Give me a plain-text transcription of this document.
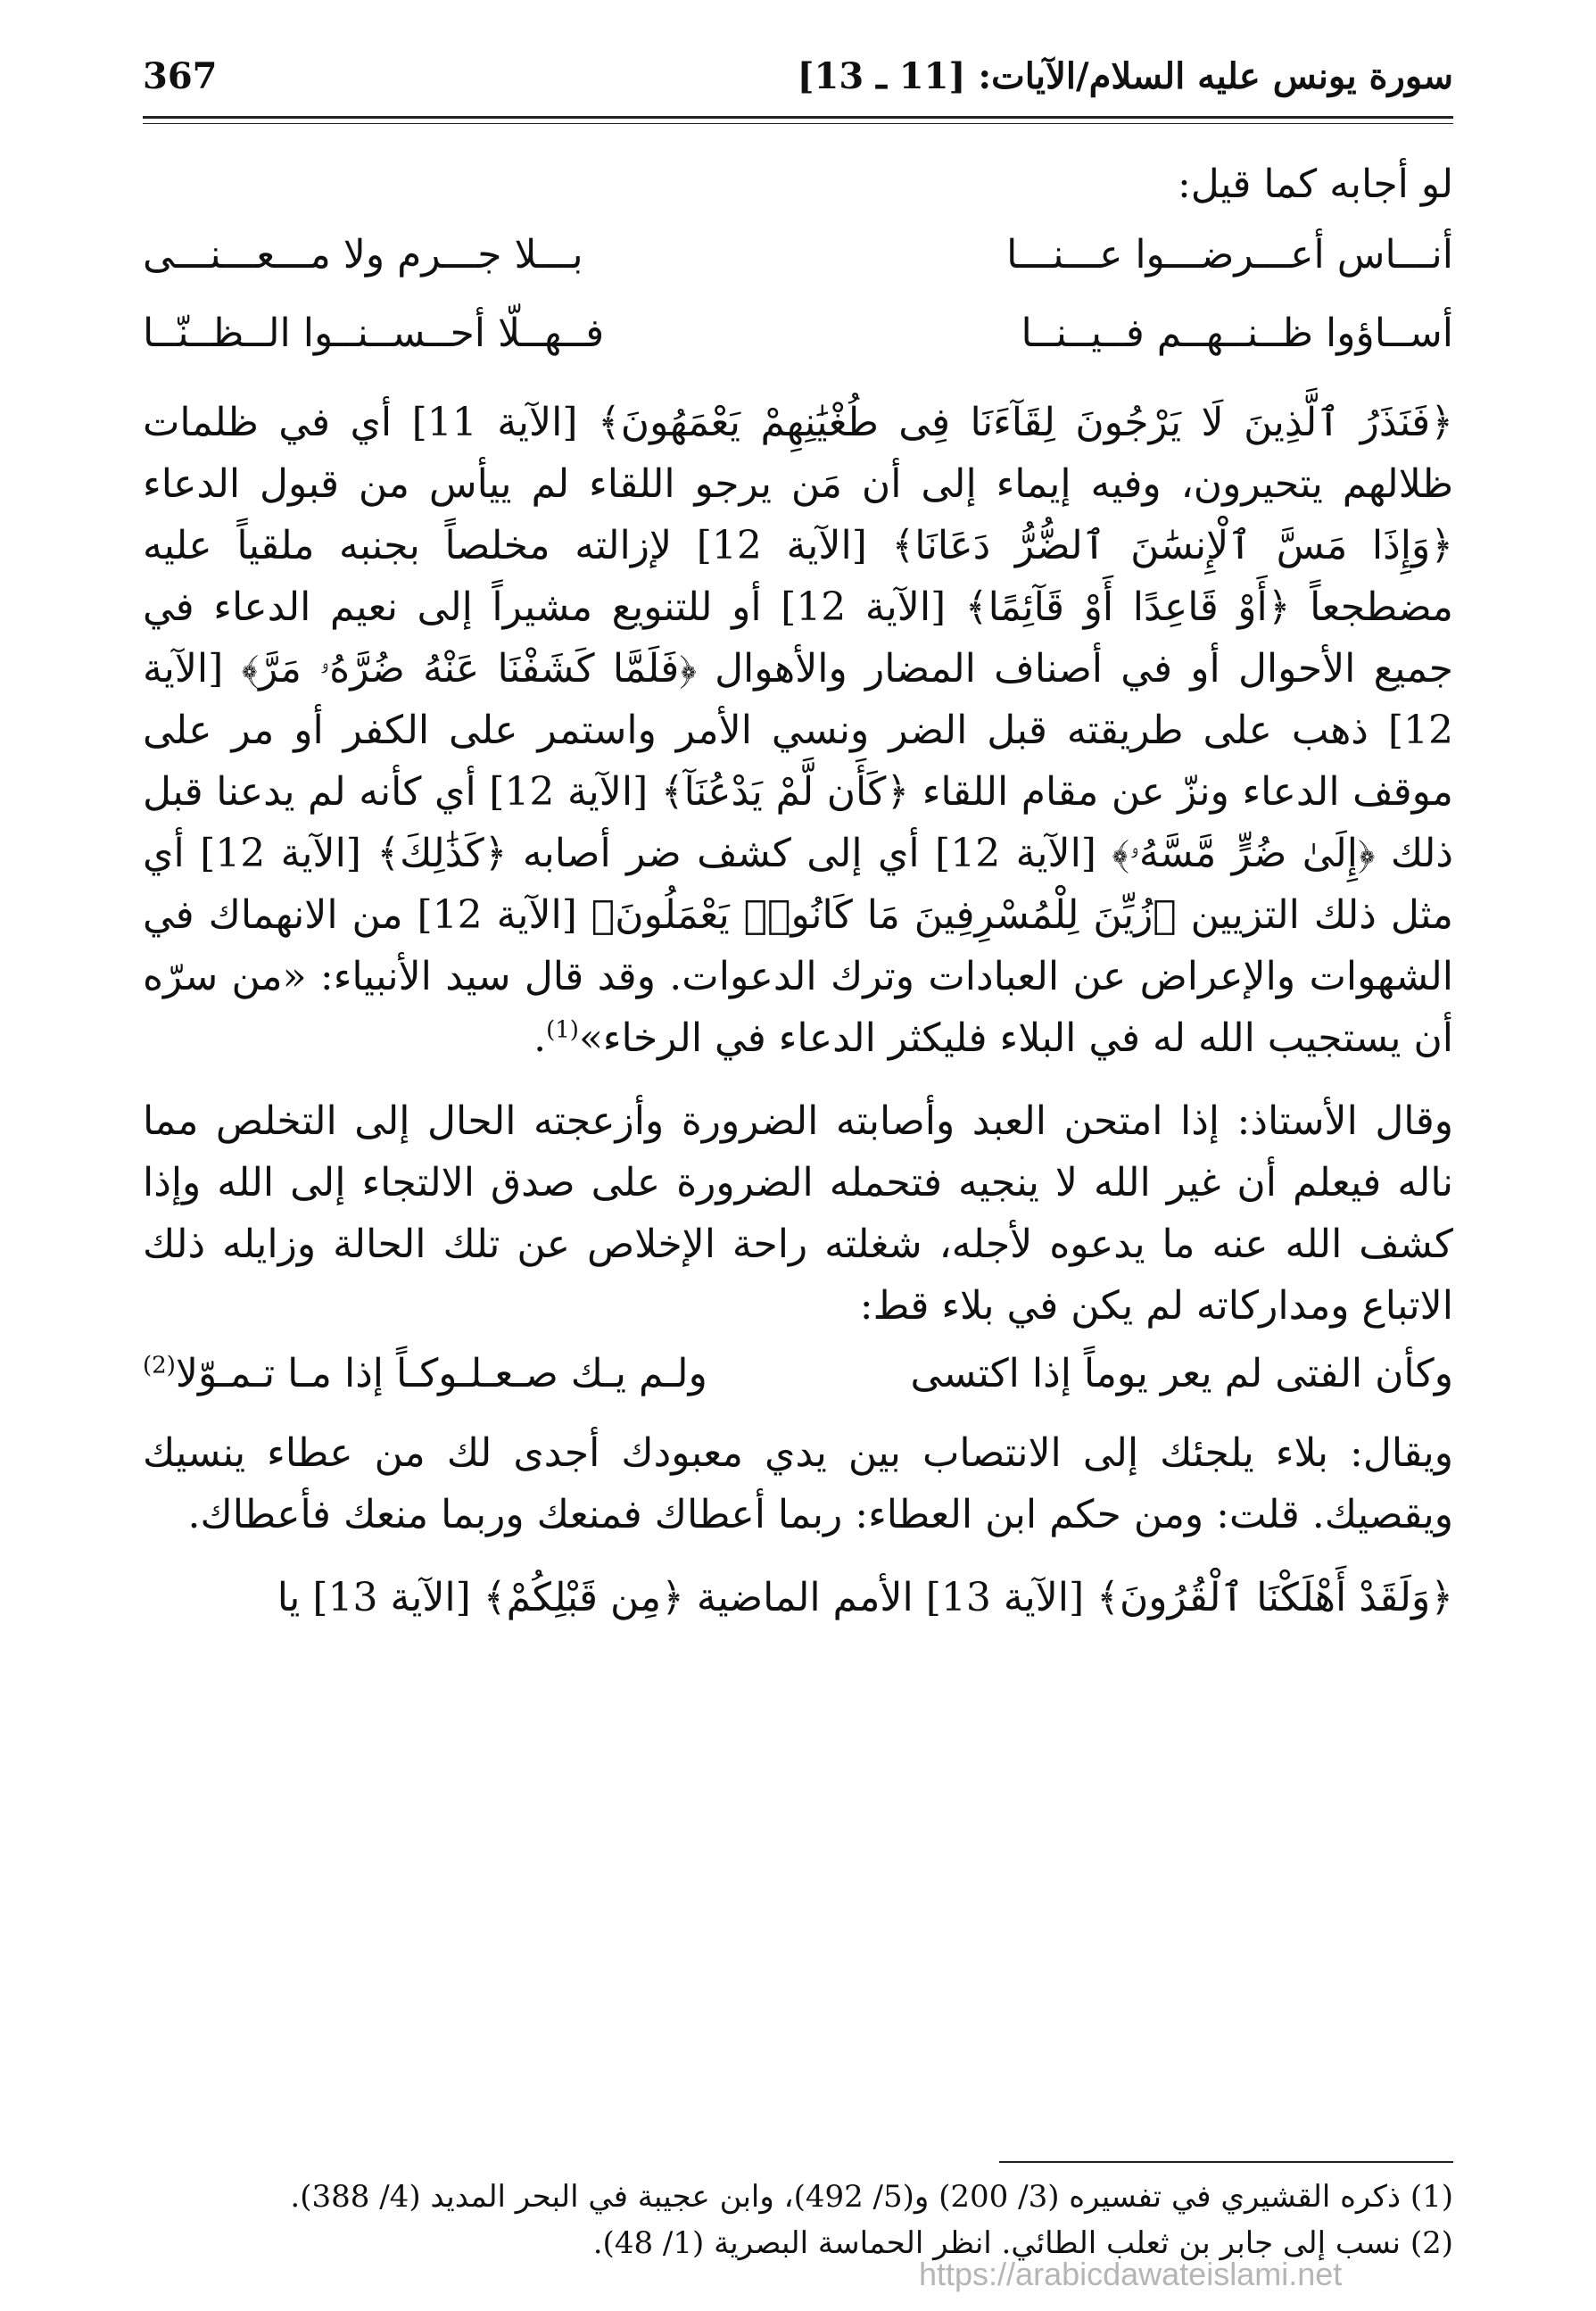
سورة يونس عليه السلام/الآيات: [11 ـ 13]
367

لو أجابه كما قيل:

أنـــاس أعـــرضـــوا عـــنـــا
بـــلا جـــرم ولا مـــعـــنـــى
أســاؤوا ظــنــهــم فــيــنــا
فــهــلّا أحــســنــوا الــظــنّــا

﴿فَنَذَرُ ٱلَّذِينَ لَا يَرْجُونَ لِقَآءَنَا فِى طُغْيَٰنِهِمْ يَعْمَهُونَ﴾ [الآية 11] أي في ظلمات ظلالهم يتحيرون، وفيه إيماء إلى أن مَن يرجو اللقاء لم ييأس من قبول الدعاء ﴿وَإِذَا مَسَّ ٱلْإِنسَٰنَ ٱلضُّرُّ دَعَانَا﴾ [الآية 12] لإزالته مخلصاً بجنبه ملقياً عليه مضطجعاً ﴿أَوْ قَاعِدًا أَوْ قَآئِمًا﴾ [الآية 12] أو للتنويع مشيراً إلى نعيم الدعاء في جميع الأحوال أو في أصناف المضار والأهوال ﴿فَلَمَّا كَشَفْنَا عَنْهُ ضُرَّهُۥ مَرَّ﴾ [الآية 12] ذهب على طريقته قبل الضر ونسي الأمر واستمر على الكفر أو مر على موقف الدعاء ونزّ عن مقام اللقاء ﴿كَأَن لَّمْ يَدْعُنَآ﴾ [الآية 12] أي كأنه لم يدعنا قبل ذلك ﴿إِلَىٰ ضُرٍّ مَّسَّهُۥ﴾ [الآية 12] أي إلى كشف ضر أصابه ﴿كَذَٰلِكَ﴾ [الآية 12] أي مثل ذلك التزيين ﴿زُيِّنَ لِلْمُسْرِفِينَ مَا كَانُوا۟ يَعْمَلُونَ﴾ [الآية 12] من الانهماك في الشهوات والإعراض عن العبادات وترك الدعوات. وقد قال سيد الأنبياء: «من سرّه أن يستجيب الله له في البلاء فليكثر الدعاء في الرخاء»$^{(1)}$.

وقال الأستاذ: إذا امتحن العبد وأصابته الضرورة وأزعجته الحال إلى التخلص مما ناله فيعلم أن غير الله لا ينجيه فتحمله الضرورة على صدق الالتجاء إلى الله وإذا كشف الله عنه ما يدعوه لأجله، شغلته راحة الإخلاص عن تلك الحالة وزايله ذلك الاتباع ومداركاته لم يكن في بلاء قط:

وكأن الفتى لم يعر يوماً إذا اكتسى
ولـم يـك صـعـلـوكـاً إذا مـا تـمـوّلا$^{(2)}$

ويقال: بلاء يلجئك إلى الانتصاب بين يدي معبودك أجدى لك من عطاء ينسيك ويقصيك. قلت: ومن حكم ابن العطاء: ربما أعطاك فمنعك وربما منعك فأعطاك.

﴿وَلَقَدْ أَهْلَكْنَا ٱلْقُرُونَ﴾ [الآية 13] الأمم الماضية ﴿مِن قَبْلِكُمْ﴾ [الآية 13] يا

(1) ذكره القشيري في تفسيره (3/ 200) و(5/ 492)، وابن عجيبة في البحر المديد (4/ 388).
(2) نسب إلى جابر بن ثعلب الطائي. انظر الحماسة البصرية (1/ 48).
https://arabicdawateislami.net
